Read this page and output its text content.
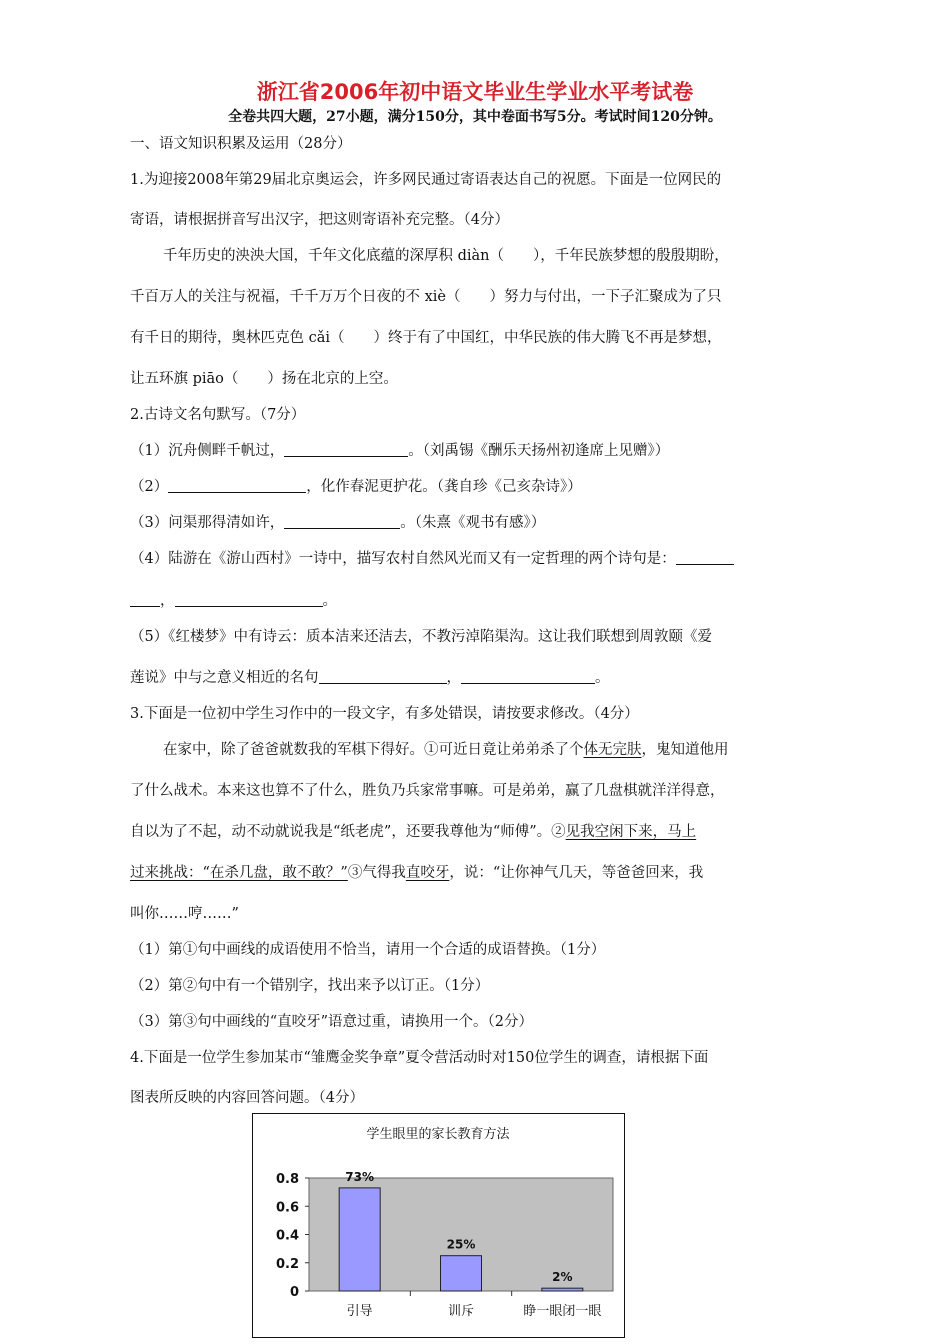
浙江省2006年初中语文毕业生学业水平考试卷
全卷共四大题，27小题，满分150分，其中卷面书写5分。考试时间120分钟。
一、语文知识积累及运用（28分）
1.为迎接2008年第29届北京奥运会，许多网民通过寄语表达自己的祝愿。下面是一位网民的
寄语，请根据拼音写出汉字，把这则寄语补充完整。（4分）
千年历史的泱泱大国，千年文化底蕴的深厚积 diàn（　　），千年民族梦想的殷殷期盼，
千百万人的关注与祝福，千千万万个日夜的不 xiè（　　）努力与付出，一下子汇聚成为了只
有千日的期待，奥林匹克色 cǎi（　　）终于有了中国红，中华民族的伟大腾飞不再是梦想，
让五环旗 piāo（　　）扬在北京的上空。
2.古诗文名句默写。（7分）
（1）沉舟侧畔千帆过，	。（刘禹锡《酬乐天扬州初逢席上见赠》）
（2）	，化作春泥更护花。（龚自珍《己亥杂诗》）
（3）问渠那得清如许，	。（朱熹《观书有感》）
（4）陆游在《游山西村》一诗中，描写农村自然风光而又有一定哲理的两个诗句是：
，	。
（5）《红楼梦》中有诗云：质本洁来还洁去，不教污淖陷渠沟。这让我们联想到周敦颐《爱
莲说》中与之意义相近的名句	，	。
3.下面是一位初中学生习作中的一段文字，有多处错误，请按要求修改。（4分）
在家中，除了爸爸就数我的军棋下得好。①可近日竟让弟弟杀了个体无完肤，鬼知道他用
了什么战术。本来这也算不了什么，胜负乃兵家常事嘛。可是弟弟，赢了几盘棋就洋洋得意，
自以为了不起，动不动就说我是“纸老虎”，还要我尊他为“师傅”。②见我空闲下来，马上
过来挑战：“在杀几盘，敢不敢？”③气得我直咬牙，说：“让你神气几天，等爸爸回来，我
叫你……哼……”
（1）第①句中画线的成语使用不恰当，请用一个合适的成语替换。（1分）
（2）第②句中有一个错别字，找出来予以订正。（1分）
（3）第③句中画线的“直咬牙”语意过重，请换用一个。（2分）
4.下面是一位学生参加某市“雏鹰金奖争章”夏令营活动时对150位学生的调查，请根据下面
图表所反映的内容回答问题。（4分）
学生眼里的家长教育方法
0
0.2
0.4
0.6
0.8	73%
引导
25%
训斥
2%
睁一眼闭一眼
